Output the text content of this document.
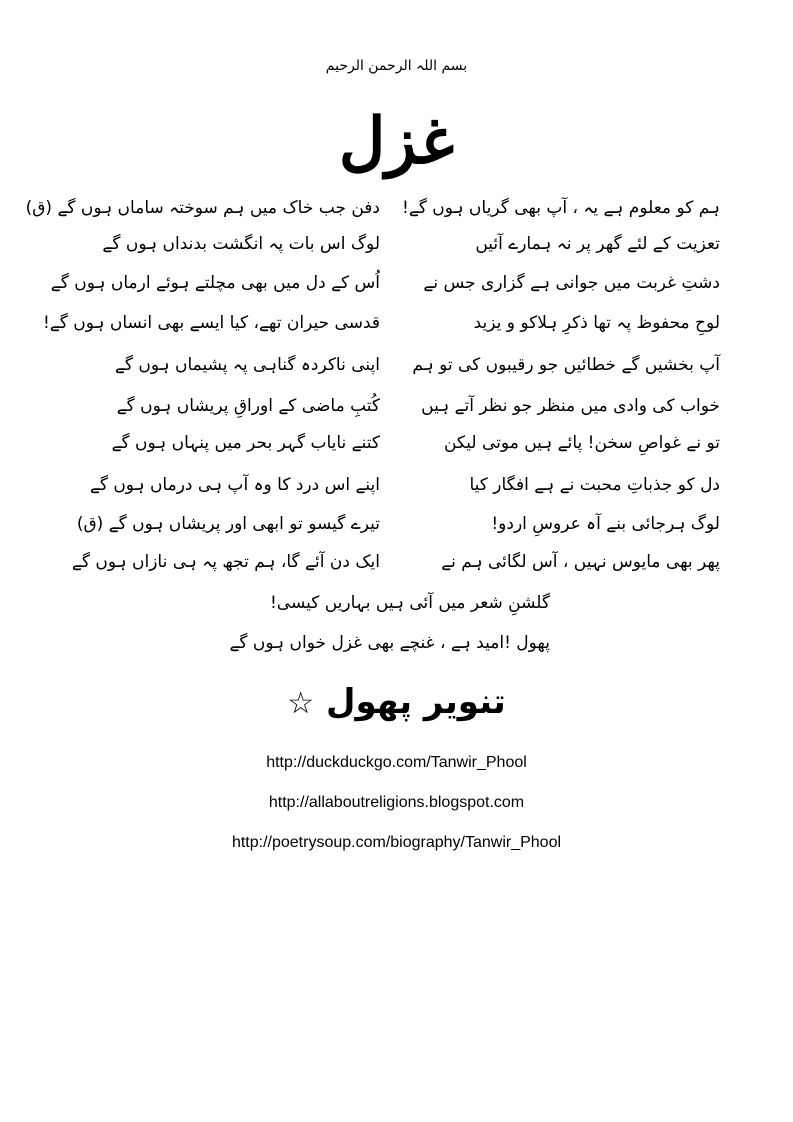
بسم اللہ الرحمن الرحیم
غزل
ہم کو معلوم ہے یہ ، آپ بھی گریاں ہوں گے!
دفن جب خاک میں ہم سوختہ ساماں ہوں گے (ق)
تعزیت کے لئے گھر پر نہ ہمارے آئیں
لوگ اس بات پہ انگشت بدنداں ہوں گے
دشتِ غربت میں جوانی ہے گزاری جس نے
اُس کے دل میں بھی مچلتے ہوئے ارماں ہوں گے
لوحِ محفوظ پہ تھا ذکرِ ہلاکو و یزید
قدسی حیران تھے، کیا ایسے بھی انساں ہوں گے!
آپ بخشیں گے خطائیں جو رقیبوں کی تو ہم
اپنی ناکردہ گناہی پہ پشیماں ہوں گے
خواب کی وادی میں منظر جو نظر آتے ہیں
کُتبِ ماضی کے اوراقِ پریشاں ہوں گے
تو نے غواصِ سخن! پائے ہیں موتی لیکن
کتنے نایاب گہر بحر میں پنہاں ہوں گے
دل کو جذباتِ محبت نے ہے افگار کیا
اپنے اس درد کا وہ آپ ہی درماں ہوں گے
لوگ ہرجائی بنے آہ عروسِ اردو!
تیرے گیسو تو ابھی اور پریشاں ہوں گے (ق)
پھر بھی مایوس نہیں ، آس لگائی ہم نے
ایک دن آئے گا، ہم تجھ پہ ہی نازاں ہوں گے
گلشنِ شعر میں آئی ہیں بہاریں کیسی!
پھول !امید ہے ، غنچے بھی غزل خواں ہوں گے
تنویر پھول ☆
http://duckduckgo.com/Tanwir_Phool
http://allaboutreligions.blogspot.com
http://poetrysoup.com/biography/Tanwir_Phool
